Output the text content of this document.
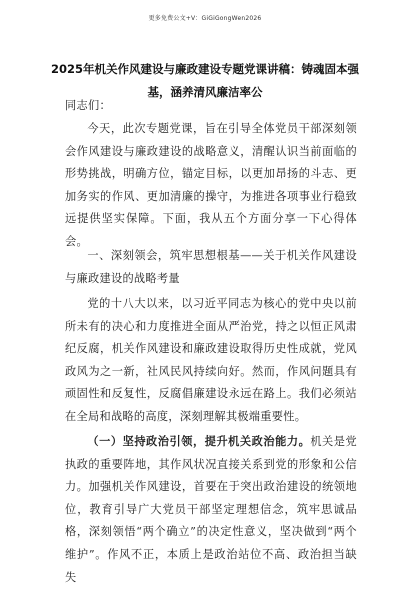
更多免费公文+V：GiGiGongWen2026
2025年机关作风建设与廉政建设专题党课讲稿：铸魂固本强基，涵养清风廉洁率公
同志们：
今天，此次专题党课，旨在引导全体党员干部深刻领会作风建设与廉政建设的战略意义，清醒认识当前面临的形势挑战，明确方位，锚定目标，以更加昂扬的斗志、更加务实的作风、更加清廉的操守，为推进各项事业行稳致远提供坚实保障。下面，我从五个方面分享一下心得体会。
一、深刻领会，筑牢思想根基——关于机关作风建设与廉政建设的战略考量
党的十八大以来，以习近平同志为核心的党中央以前所未有的决心和力度推进全面从严治党，持之以恒正风肃纪反腐，机关作风建设和廉政建设取得历史性成就，党风政风为之一新，社风民风持续向好。然而，作风问题具有顽固性和反复性，反腐倡廉建设永远在路上。我们必须站在全局和战略的高度，深刻理解其极端重要性。
（一）坚持政治引领，提升机关政治能力。机关是党执政的重要阵地，其作风状况直接关系到党的形象和公信力。加强机关作风建设，首要在于突出政治建设的统领地位，教育引导广大党员干部坚定理想信念，筑牢思诚品格，深刻领悟“两个确立”的决定性意义，坚决做到“两个维护”。作风不正，本质上是政治站位不高、政治担当缺失
